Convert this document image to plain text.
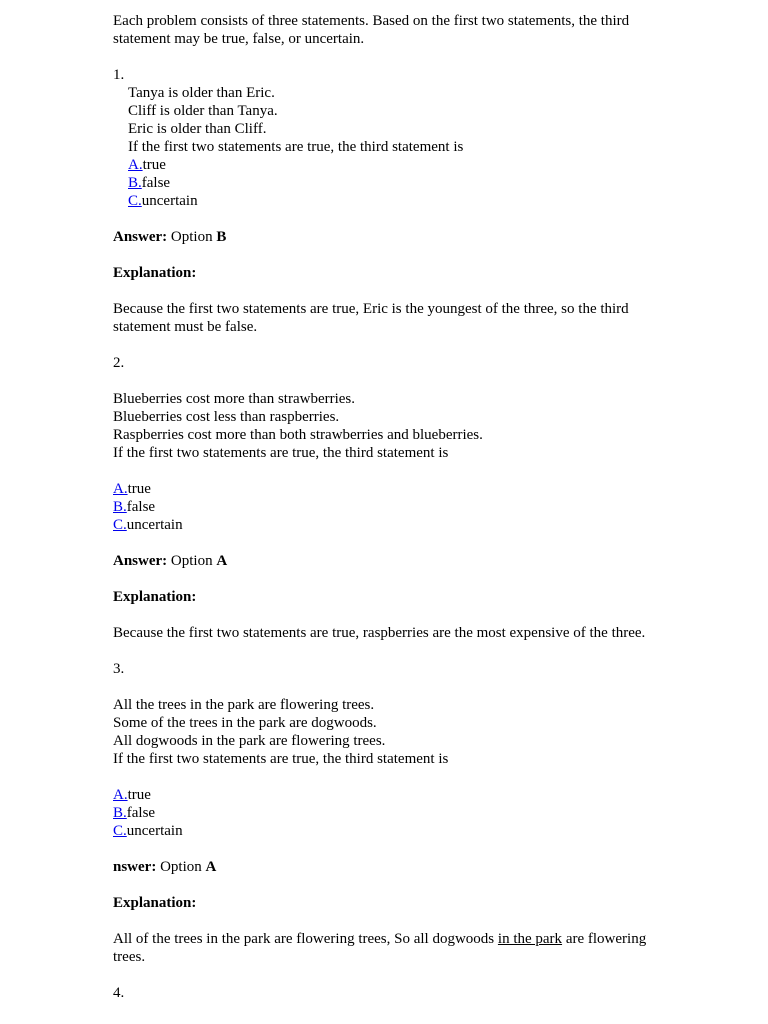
Each problem consists of three statements. Based on the first two statements, the third statement may be true, false, or uncertain.

1.

Tanya is older than Eric.

Cliff is older than Tanya.

Eric is older than Cliff.

If the first two statements are true, the third statement is

A.true

B.false

C.uncertain

Answer: Option B

Explanation:

Because the first two statements are true, Eric is the youngest of the three, so the third statement must be false.

2.

Blueberries cost more than strawberries.

Blueberries cost less than raspberries.

Raspberries cost more than both strawberries and blueberries.

If the first two statements are true, the third statement is

A.true

B.false

C.uncertain

Answer: Option A

Explanation:

Because the first two statements are true, raspberries are the most expensive of the three.

3.

All the trees in the park are flowering trees.

Some of the trees in the park are dogwoods.

All dogwoods in the park are flowering trees.

If the first two statements are true, the third statement is

A.true

B.false

C.uncertain

nswer: Option A

Explanation:

All of the trees in the park are flowering trees, So all dogwoods in the park are flowering trees.

4.
